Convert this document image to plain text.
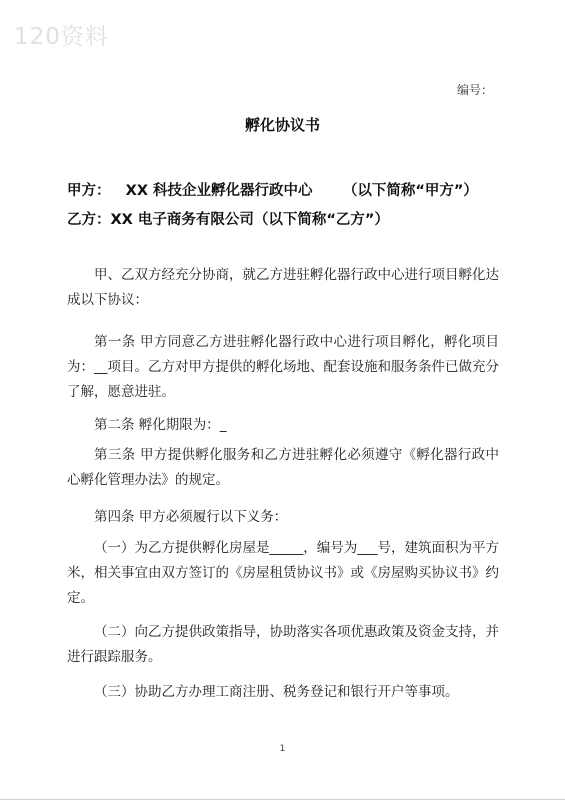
120资料
编号：
孵化协议书
甲方：   XX 科技企业孵化器行政中心      （以下简称“甲方”）
乙方：XX 电子商务有限公司（以下简称“乙方”）

甲、乙双方经充分协商，就乙方进驻孵化器行政中心进行项目孵化达成以下协议：

第一条 甲方同意乙方进驻孵化器行政中心进行项目孵化，孵化项目为：__项目。乙方对甲方提供的孵化场地、配套设施和服务条件已做充分了解，愿意进驻。

第二条 孵化期限为：_

第三条 甲方提供孵化服务和乙方进驻孵化必须遵守《孵化器行政中心孵化管理办法》的规定。

第四条 甲方必须履行以下义务：

（一）为乙方提供孵化房屋是_____，编号为___号，建筑面积为平方米，相关事宜由双方签订的《房屋租赁协议书》或《房屋购买协议书》约定。

（二）向乙方提供政策指导，协助落实各项优惠政策及资金支持，并进行跟踪服务。

（三）协助乙方办理工商注册、税务登记和银行开户等事项。

1
